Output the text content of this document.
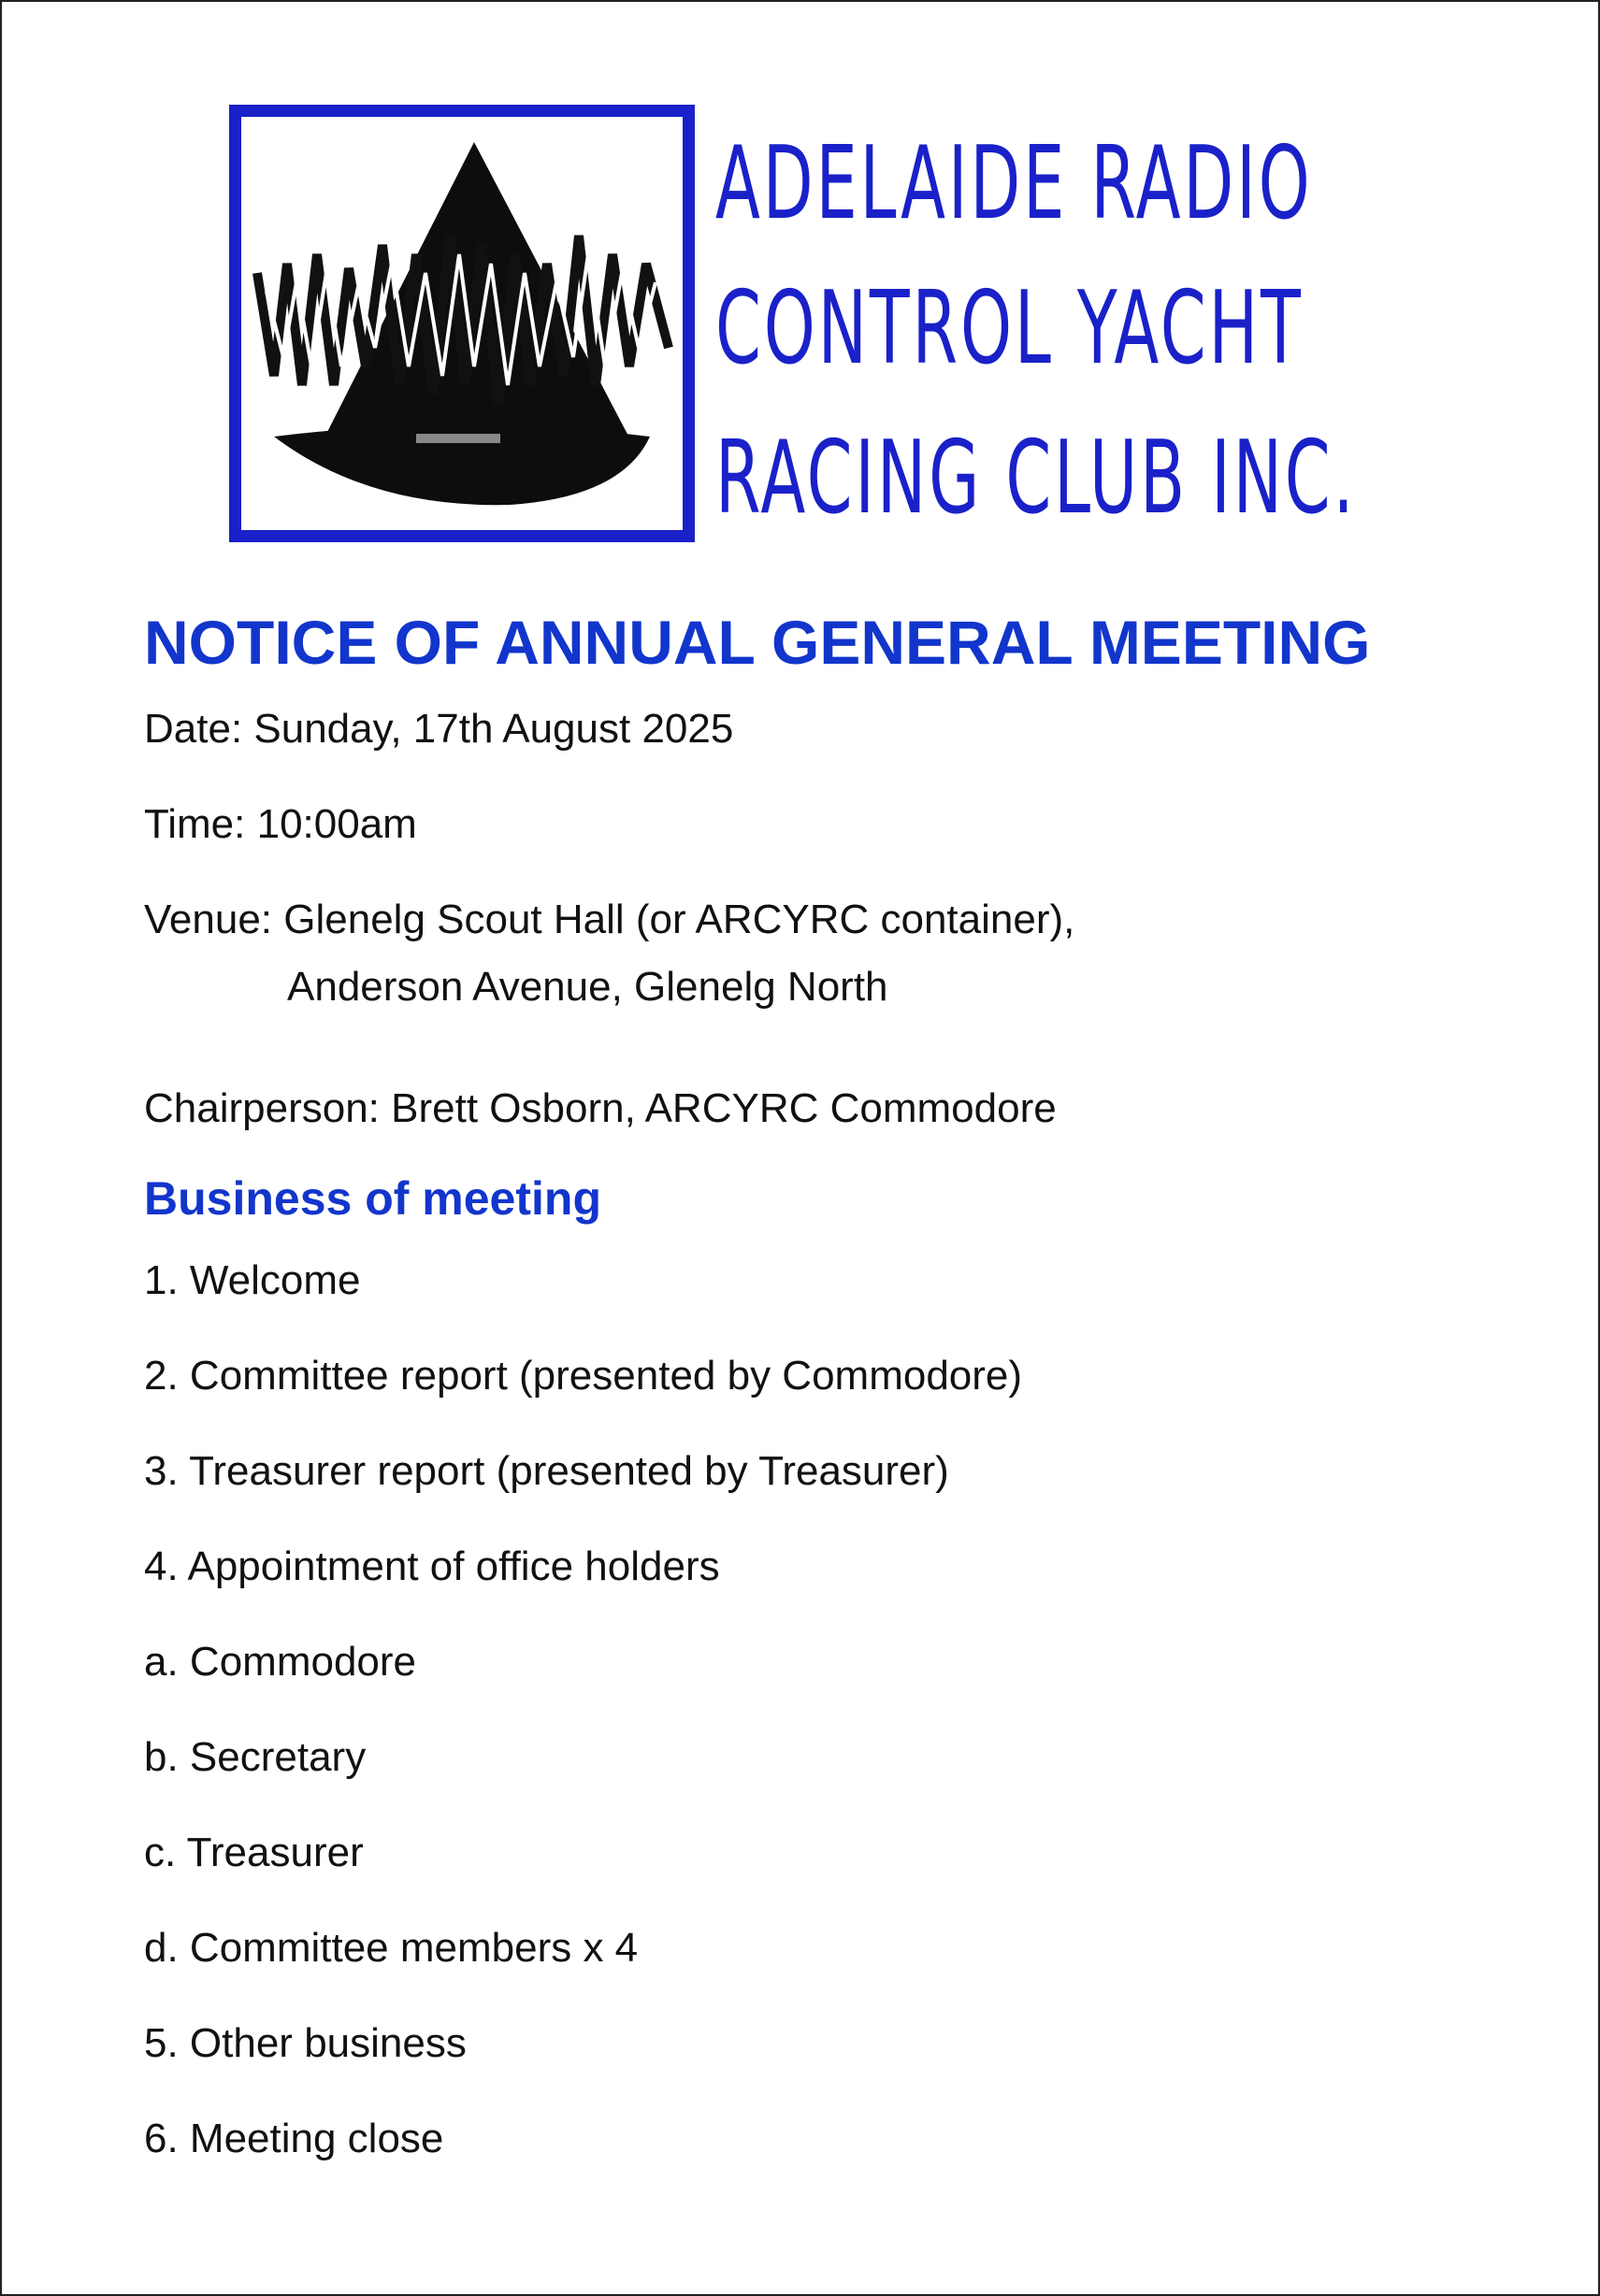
ADELAIDE RADIO
CONTROL YACHT
RACING CLUB INC.
NOTICE OF ANNUAL GENERAL MEETING
Date: Sunday, 17th August 2025
Time: 10:00am
Venue: Glenelg Scout Hall (or ARCYRC container),
Anderson Avenue, Glenelg North
Chairperson: Brett Osborn, ARCYRC Commodore
Business of meeting
1. Welcome
2. Committee report (presented by Commodore)
3. Treasurer report (presented by Treasurer)
4. Appointment of office holders
a. Commodore
b. Secretary
c. Treasurer
d. Committee members x 4
5. Other business
6. Meeting close
